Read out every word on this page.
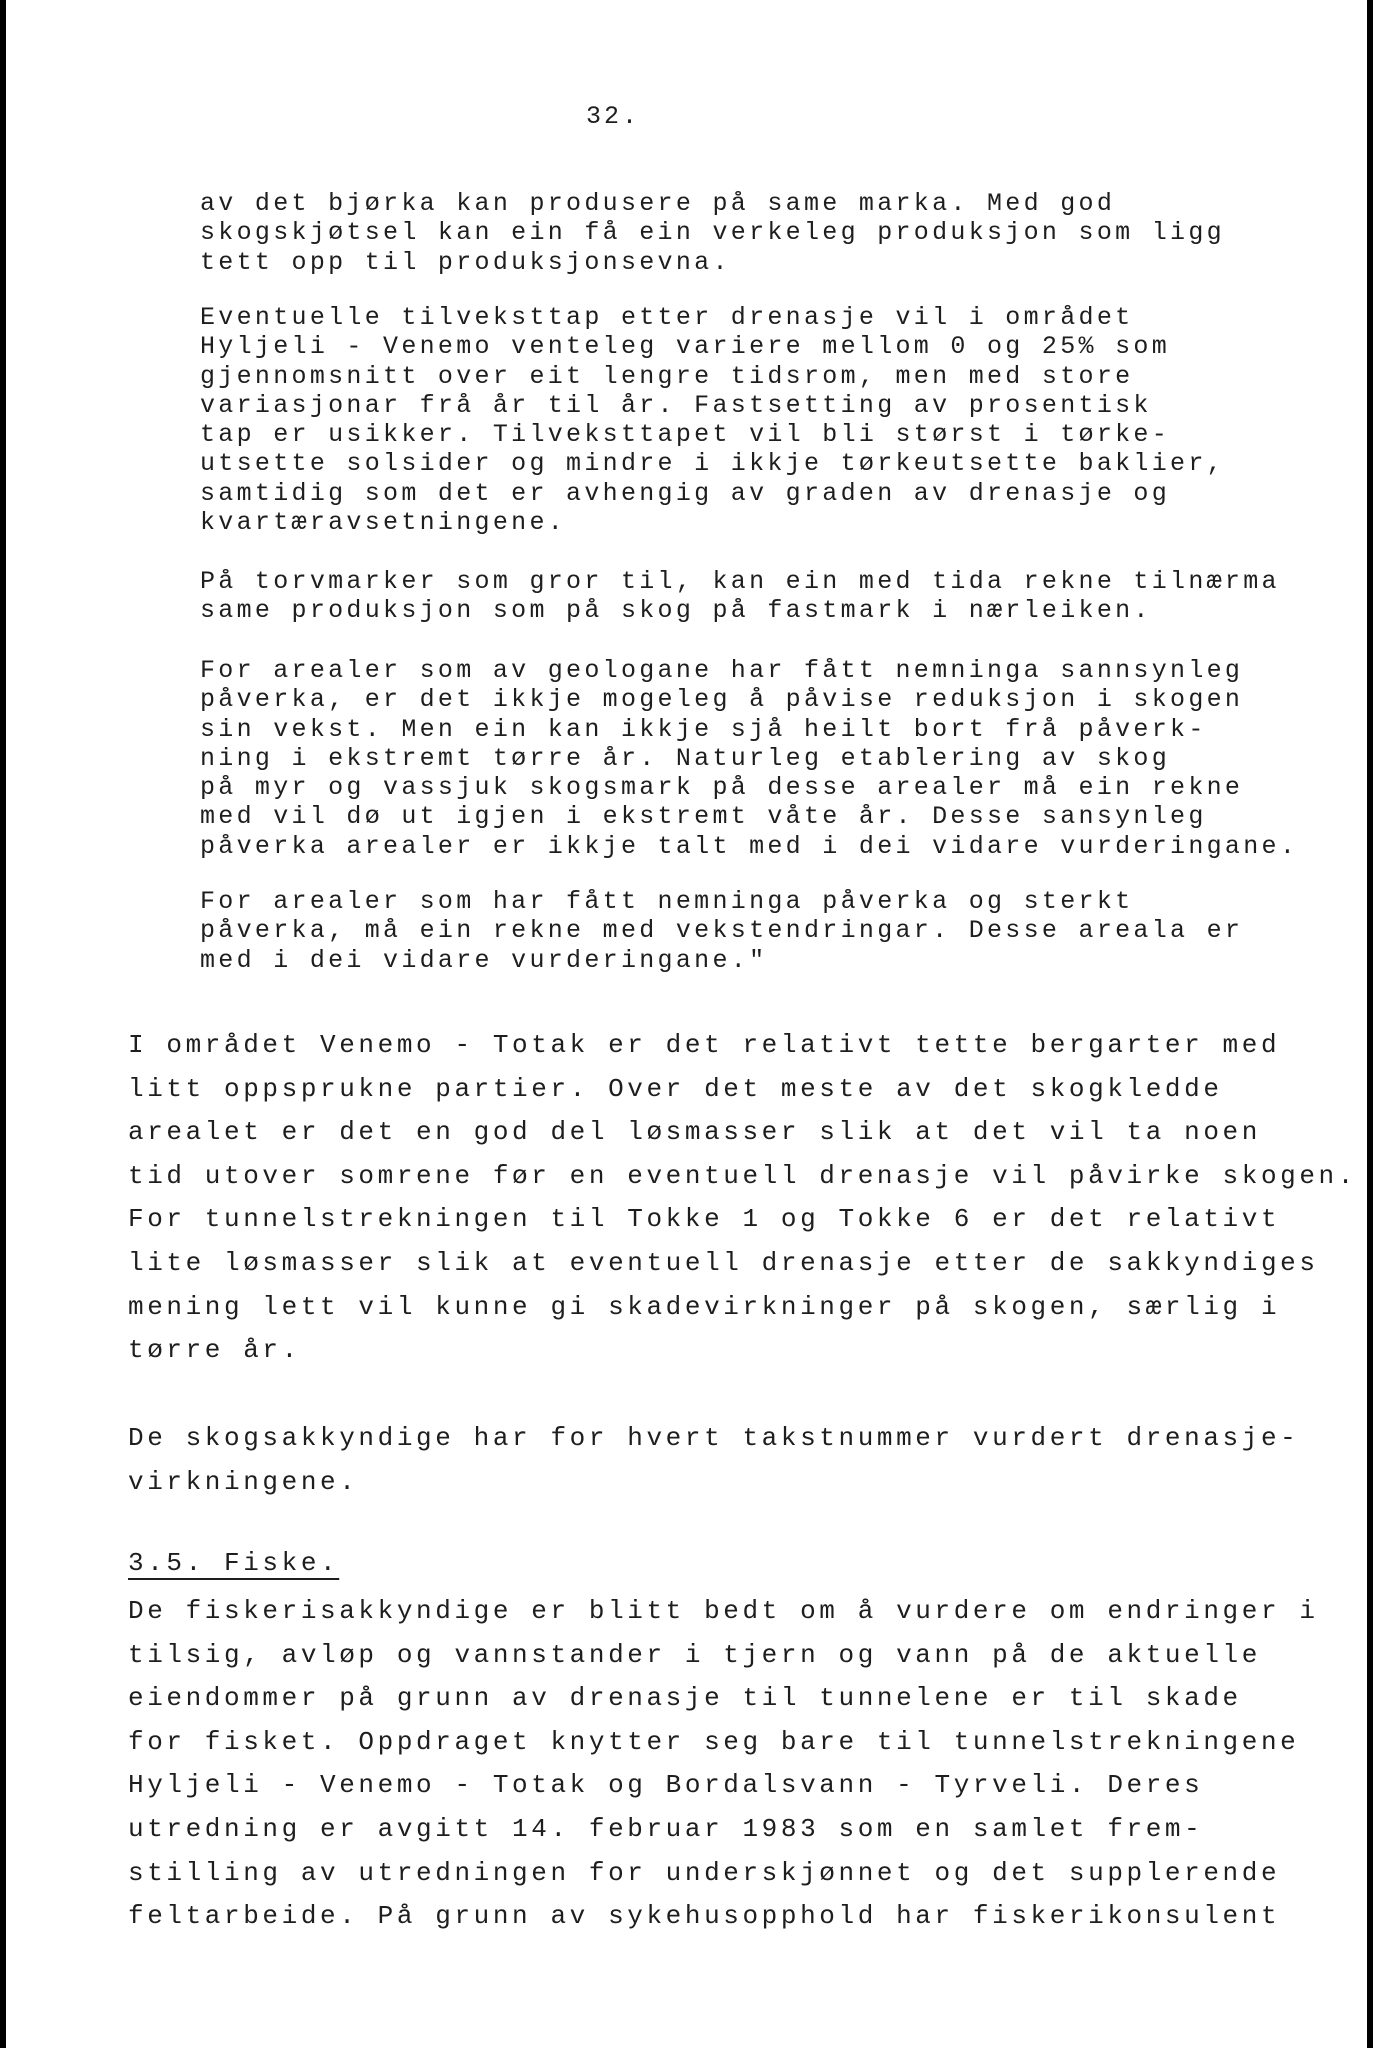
32.
av det bjørka kan produsere på same marka. Med god
skogskjøtsel kan ein få ein verkeleg produksjon som ligg
tett opp til produksjonsevna.
Eventuelle tilveksttap etter drenasje vil i området
Hyljeli - Venemo venteleg variere mellom 0 og 25% som
gjennomsnitt over eit lengre tidsrom, men med store
variasjonar frå år til år. Fastsetting av prosentisk
tap er usikker. Tilveksttapet vil bli størst i tørke-
utsette solsider og mindre i ikkje tørkeutsette baklier,
samtidig som det er avhengig av graden av drenasje og
kvartæravsetningene.
På torvmarker som gror til, kan ein med tida rekne tilnærma
same produksjon som på skog på fastmark i nærleiken.
For arealer som av geologane har fått nemninga sannsynleg
påverka, er det ikkje mogeleg å påvise reduksjon i skogen
sin vekst. Men ein kan ikkje sjå heilt bort frå påverk-
ning i ekstremt tørre år. Naturleg etablering av skog
på myr og vassjuk skogsmark på desse arealer må ein rekne
med vil dø ut igjen i ekstremt våte år. Desse sansynleg
påverka arealer er ikkje talt med i dei vidare vurderingane.
For arealer som har fått nemninga påverka og sterkt
påverka, må ein rekne med vekstendringar. Desse areala er
med i dei vidare vurderingane."
I området Venemo - Totak er det relativt tette bergarter med
litt oppsprukne partier. Over det meste av det skogkledde
arealet er det en god del løsmasser slik at det vil ta noen
tid utover somrene før en eventuell drenasje vil påvirke skogen.
For tunnelstrekningen til Tokke 1 og Tokke 6 er det relativt
lite løsmasser slik at eventuell drenasje etter de sakkyndiges
mening lett vil kunne gi skadevirkninger på skogen, særlig i
tørre år.
De skogsakkyndige har for hvert takstnummer vurdert drenasje-
virkningene.
3.5. Fiske.
De fiskerisakkyndige er blitt bedt om å vurdere om endringer i
tilsig, avløp og vannstander i tjern og vann på de aktuelle
eiendommer på grunn av drenasje til tunnelene er til skade
for fisket. Oppdraget knytter seg bare til tunnelstrekningene
Hyljeli - Venemo - Totak og Bordalsvann - Tyrveli. Deres
utredning er avgitt 14. februar 1983 som en samlet frem-
stilling av utredningen for underskjønnet og det supplerende
feltarbeide. På grunn av sykehusopphold har fiskerikonsulent
